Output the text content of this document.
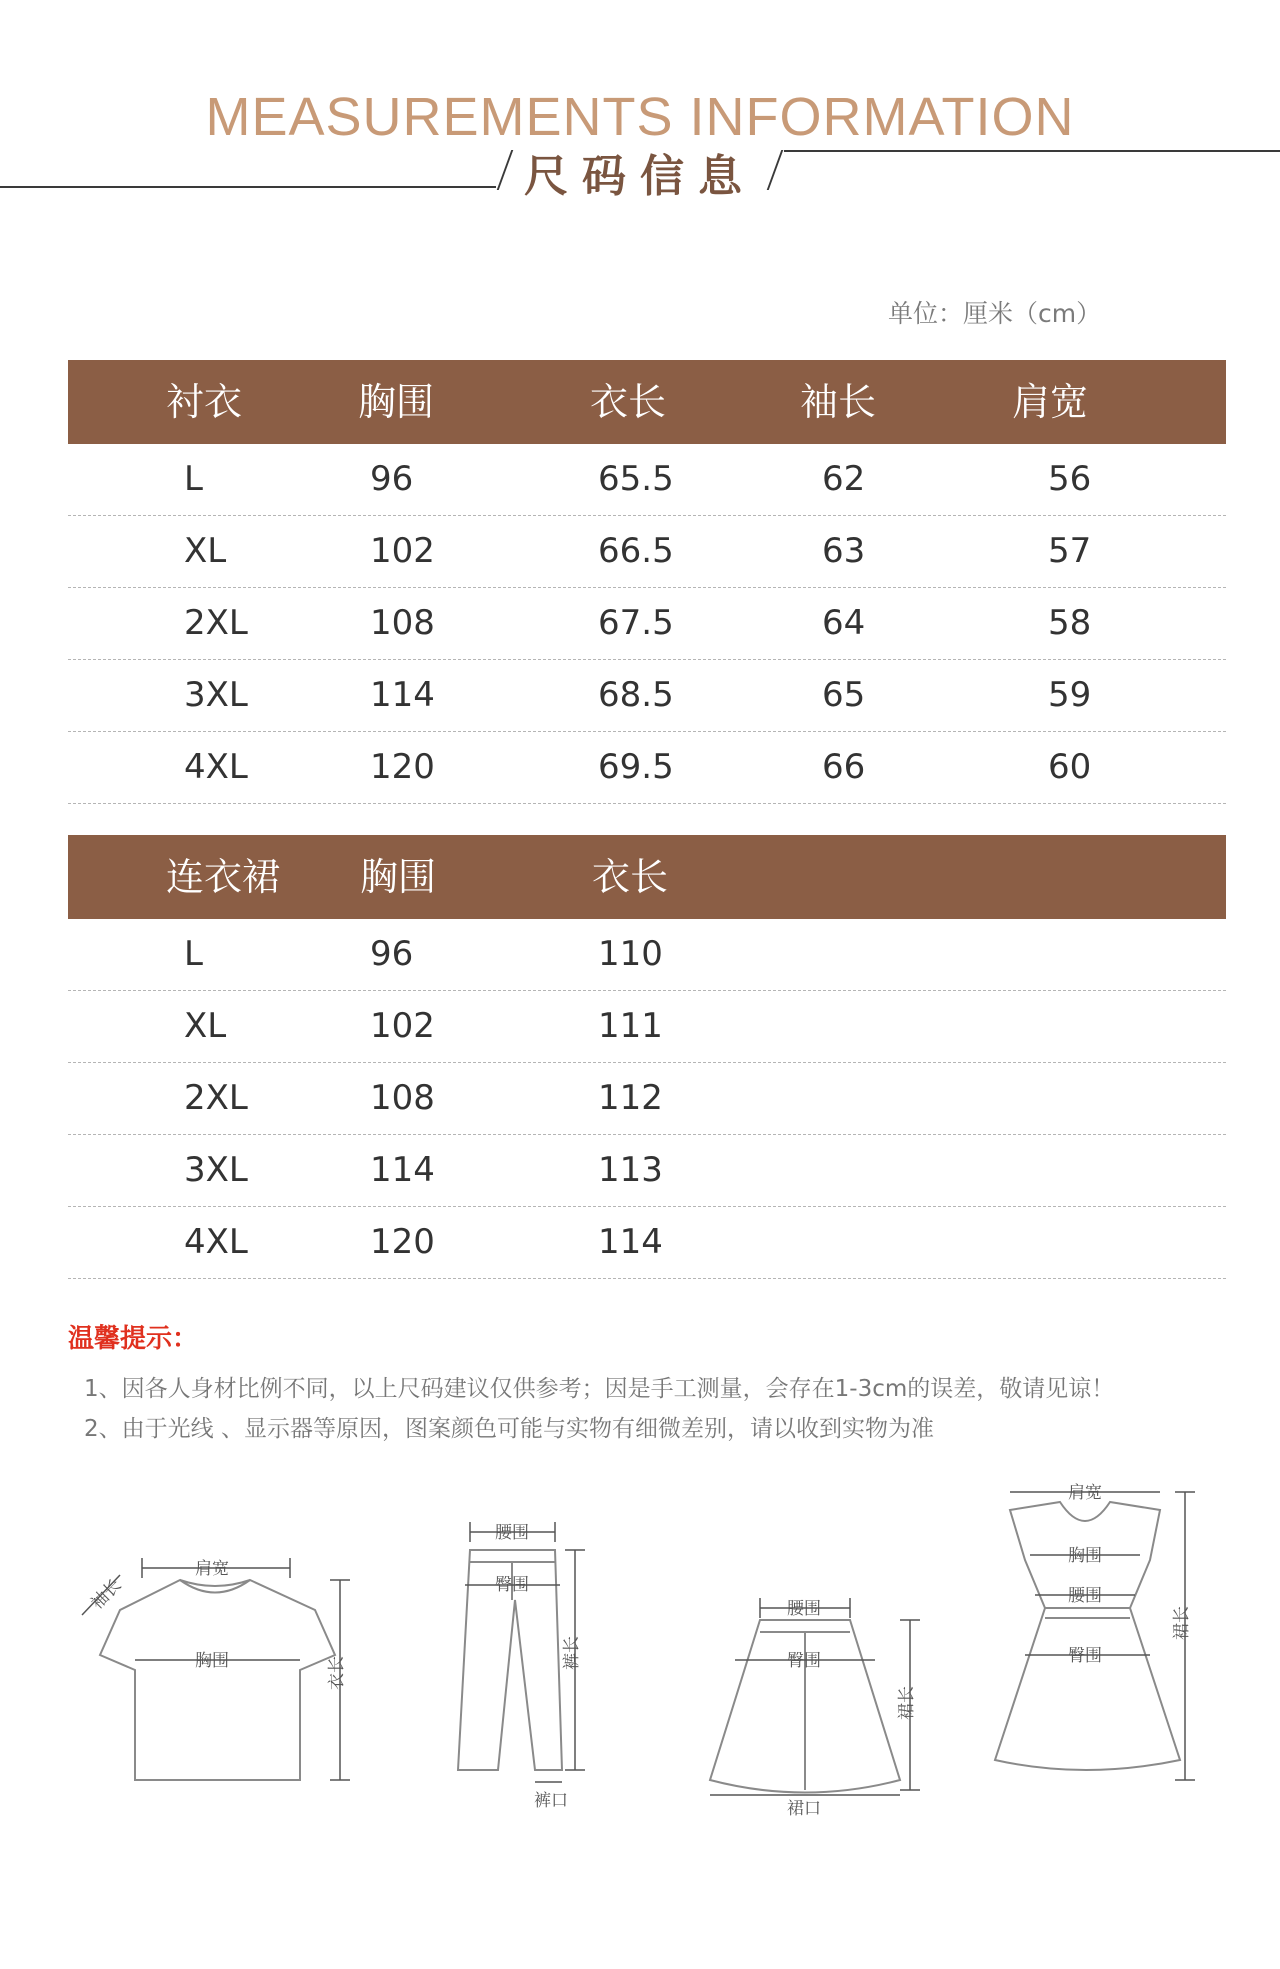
MEASUREMENTS INFORMATION
尺码信息
单位：厘米（cm）
衬衣	胸围	衣长	袖长	肩宽
L	96	65.5	62	56
XL	102	66.5	63	57
2XL	108	67.5	64	58
3XL	114	68.5	65	59
4XL	120	69.5	66	60
连衣裙 胸围	衣长
L	96	110
XL	102	111
2XL	108	112
3XL	114	113
4XL	120	114
温馨提示：
1、因各人身材比例不同，以上尺码建议仅供参考；因是手工测量，会存在1-3cm的误差，敬请见谅！
2、由于光线 、显示器等原因，图案颜色可能与实物有细微差别，请以收到实物为准
肩宽
胸围	衣长
袖长
腰围
臀围
裤长
裤口
腰围
臀围
裙长
裙口
肩宽
胸围
腰围
臀围
裙长
